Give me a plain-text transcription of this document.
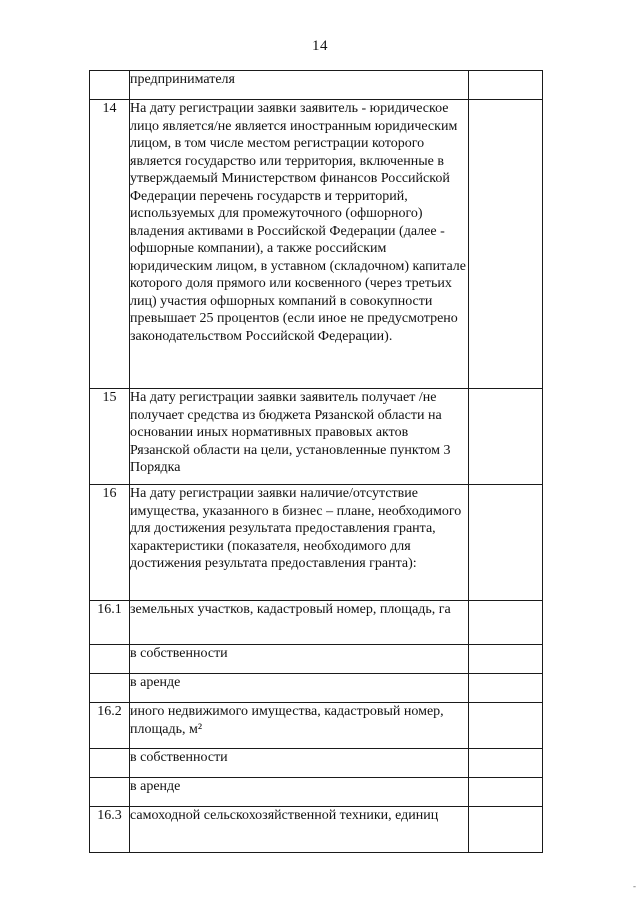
14
	предпринимателя	
14	На дату регистрации заявки заявитель - юридическое лицо является/не является иностранным юридическим лицом, в том числе местом регистрации которого является государство или территория, включенные в утверждаемый Министерством финансов Российской Федерации перечень государств и территорий, используемых для промежуточного (офшорного) владения активами в Российской Федерации (далее - офшорные компании), а также российским юридическим лицом, в уставном (складочном) капитале которого доля прямого или косвенного (через третьих лиц) участия офшорных компаний в совокупности превышает 25 процентов (если иное не предусмотрено законодательством Российской Федерации).	
15	На дату регистрации заявки заявитель получает /не получает средства из бюджета Рязанской области на основании иных нормативных правовых актов Рязанской области на цели, установленные пунктом 3 Порядка	
16	На дату регистрации заявки наличие/отсутствие имущества, указанного в бизнес – плане, необходимого для достижения результата предоставления гранта, характеристики (показателя, необходимого для достижения результата предоставления гранта):	
16.1	земельных участков, кадастровый номер, площадь, га	
	в собственности	
	в аренде	
16.2	иного недвижимого имущества, кадастровый номер, площадь, м²	
	в собственности	
	в аренде	
16.3	самоходной сельскохозяйственной техники, единиц	
-
